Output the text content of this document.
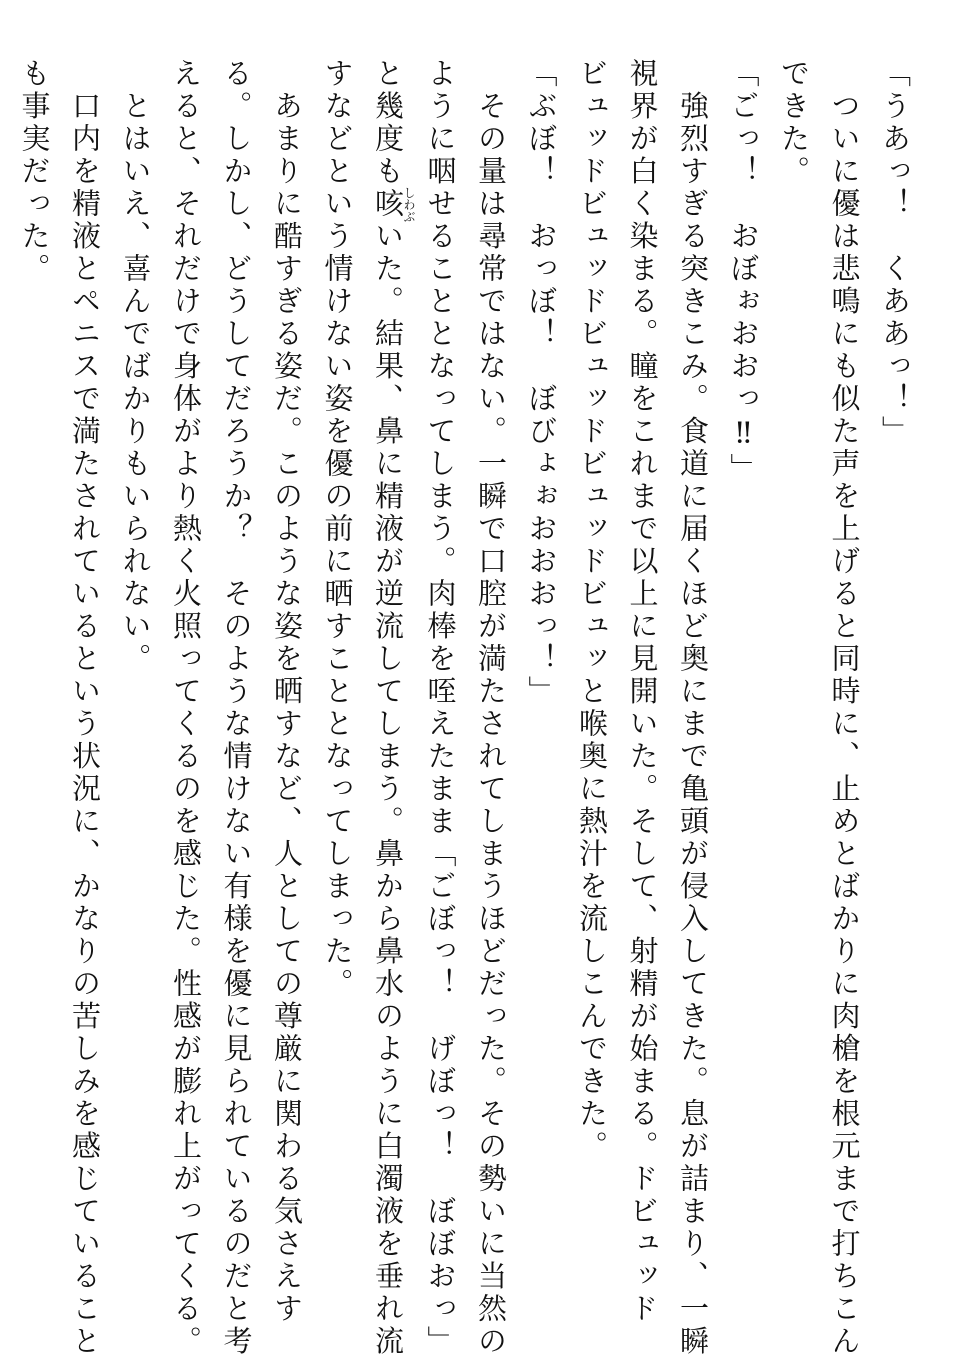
「うあっ！　くああっ！」

　ついに優は悲鳴にも似た声を上げると同時に、止めとばかりに肉槍を根元まで打ちこん

できた。

「ごっ！　おぼぉおおっ‼」

　強烈すぎる突きこみ。食道に届くほど奥にまで亀頭が侵入してきた。息が詰まり、一瞬

視界が白く染まる。瞳をこれまで以上に見開いた。そして、射精が始まる。ドビュッド

ビュッドビュッドビュッドビュッドビュッと喉奥に熱汁を流しこんできた。

「ぶぼ！　おっぼ！　ぼびょぉおおおっ！」

　その量は尋常ではない。一瞬で口腔が満たされてしまうほどだった。その勢いに当然の

ように咽せることとなってしまう。肉棒を咥えたまま「ごぼっ！　げぼっ！　ぼぼおっ」

と幾度も咳しわぶいた。結果、鼻に精液が逆流してしまう。鼻から鼻水のように白濁液を垂れ流

すなどという情けない姿を優の前に晒すこととなってしまった。

　あまりに酷すぎる姿だ。このような姿を晒すなど、人としての尊厳に関わる気さえす

る。しかし、どうしてだろうか？　そのような情けない有様を優に見られているのだと考

えると、それだけで身体がより熱く火照ってくるのを感じた。性感が膨れ上がってくる。

　とはいえ、喜んでばかりもいられない。

　口内を精液とペニスで満たされているという状況に、かなりの苦しみを感じていること

も事実だった。
